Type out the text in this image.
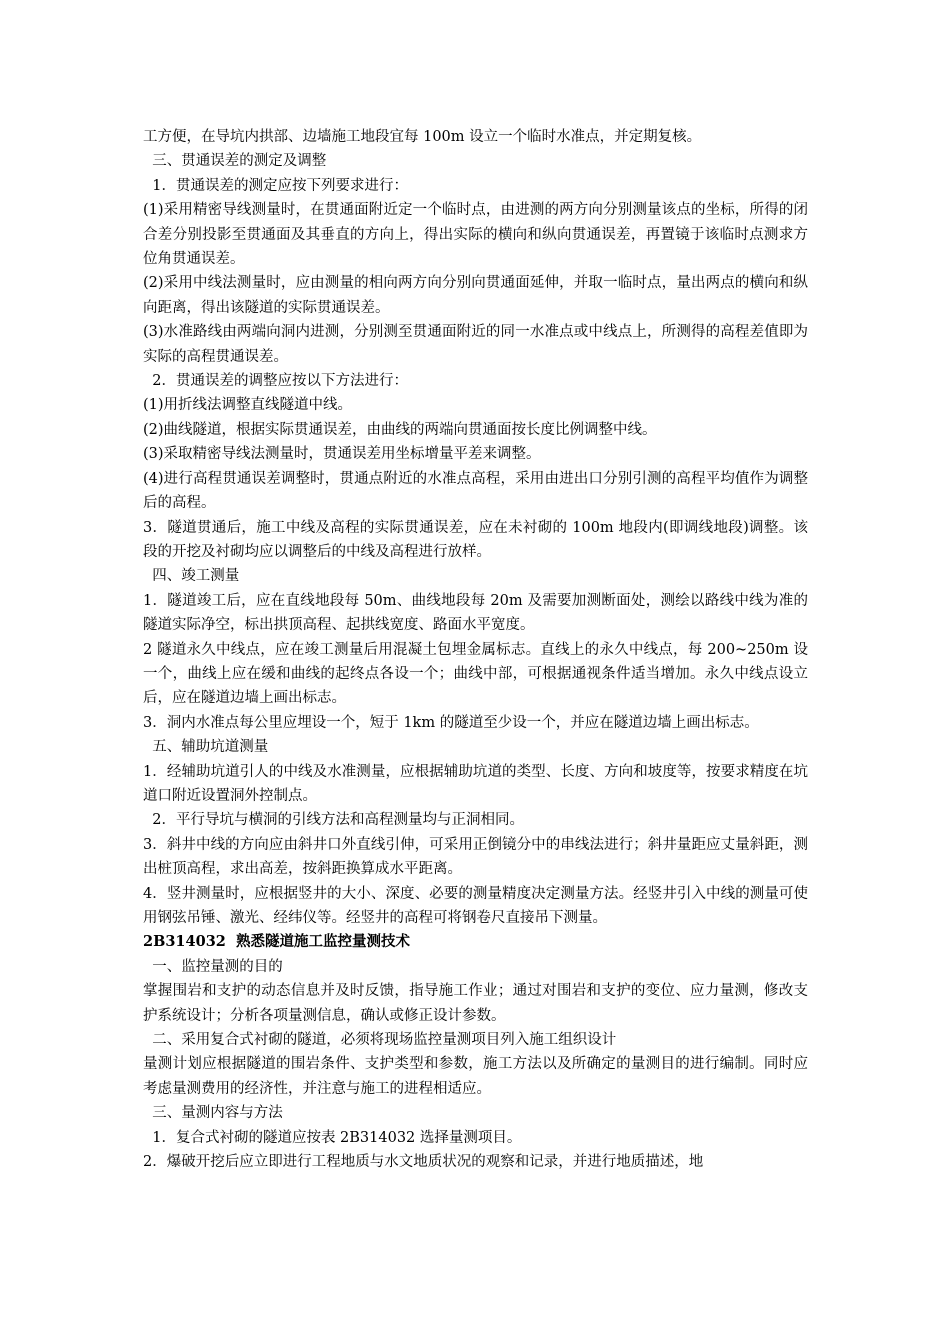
工方便，在导坑内拱部、边墙施工地段宜每 100m 设立一个临时水准点，并定期复核。

三、贯通误差的测定及调整

1．贯通误差的测定应按下列要求进行：

(1)采用精密导线测量时，在贯通面附近定一个临时点，由进测的两方向分别测量该点的坐标，所得的闭合差分别投影至贯通面及其垂直的方向上，得出实际的横向和纵向贯通误差，再置镜于该临时点测求方位角贯通误差。

(2)采用中线法测量时，应由测量的相向两方向分别向贯通面延伸，并取一临时点，量出两点的横向和纵向距离，得出该隧道的实际贯通误差。

(3)水准路线由两端向洞内进测，分别测至贯通面附近的同一水准点或中线点上，所测得的高程差值即为实际的高程贯通误差。

2．贯通误差的调整应按以下方法进行：

(1)用折线法调整直线隧道中线。

(2)曲线隧道，根据实际贯通误差，由曲线的两端向贯通面按长度比例调整中线。

(3)采取精密导线法测量时，贯通误差用坐标增量平差来调整。

(4)进行高程贯通误差调整时，贯通点附近的水准点高程，采用由进出口分别引测的高程平均值作为调整后的高程。

3．隧道贯通后，施工中线及高程的实际贯通误差，应在未衬砌的 100m 地段内(即调线地段)调整。该段的开挖及衬砌均应以调整后的中线及高程进行放样。

四、竣工测量

1．隧道竣工后，应在直线地段每 50m、曲线地段每 20m 及需要加测断面处，测绘以路线中线为准的隧道实际净空，标出拱顶高程、起拱线宽度、路面水平宽度。

2 隧道永久中线点，应在竣工测量后用混凝土包埋金属标志。直线上的永久中线点，每 200~250m 设一个，曲线上应在缓和曲线的起终点各设一个；曲线中部，可根据通视条件适当增加。永久中线点设立后，应在隧道边墙上画出标志。

3．洞内水准点每公里应埋设一个，短于 1km 的隧道至少设一个，并应在隧道边墙上画出标志。

五、辅助坑道测量

1．经辅助坑道引人的中线及水准测量，应根据辅助坑道的类型、长度、方向和坡度等，按要求精度在坑道口附近设置洞外控制点。

2．平行导坑与横洞的引线方法和高程测量均与正洞相同。

3．斜井中线的方向应由斜井口外直线引伸，可采用正倒镜分中的串线法进行；斜井量距应丈量斜距，测出桩顶高程，求出高差，按斜距换算成水平距离。

4．竖井测量时，应根据竖井的大小、深度、必要的测量精度决定测量方法。经竖井引入中线的测量可使用钢弦吊锤、激光、经纬仪等。经竖井的高程可将钢卷尺直接吊下测量。

2B314032  熟悉隧道施工监控量测技术

一、监控量测的目的

掌握围岩和支护的动态信息并及时反馈，指导施工作业；通过对围岩和支护的变位、应力量测，修改支护系统设计；分析各项量测信息，确认或修正设计参数。

二、采用复合式衬砌的隧道，必须将现场监控量测项目列入施工组织设计

量测计划应根据隧道的围岩条件、支护类型和参数，施工方法以及所确定的量测目的进行编制。同时应考虑量测费用的经济性，并注意与施工的进程相适应。

三、量测内容与方法

1．复合式衬砌的隧道应按表 2B314032 选择量测项目。

2．爆破开挖后应立即进行工程地质与水文地质状况的观察和记录，并进行地质描述，地
